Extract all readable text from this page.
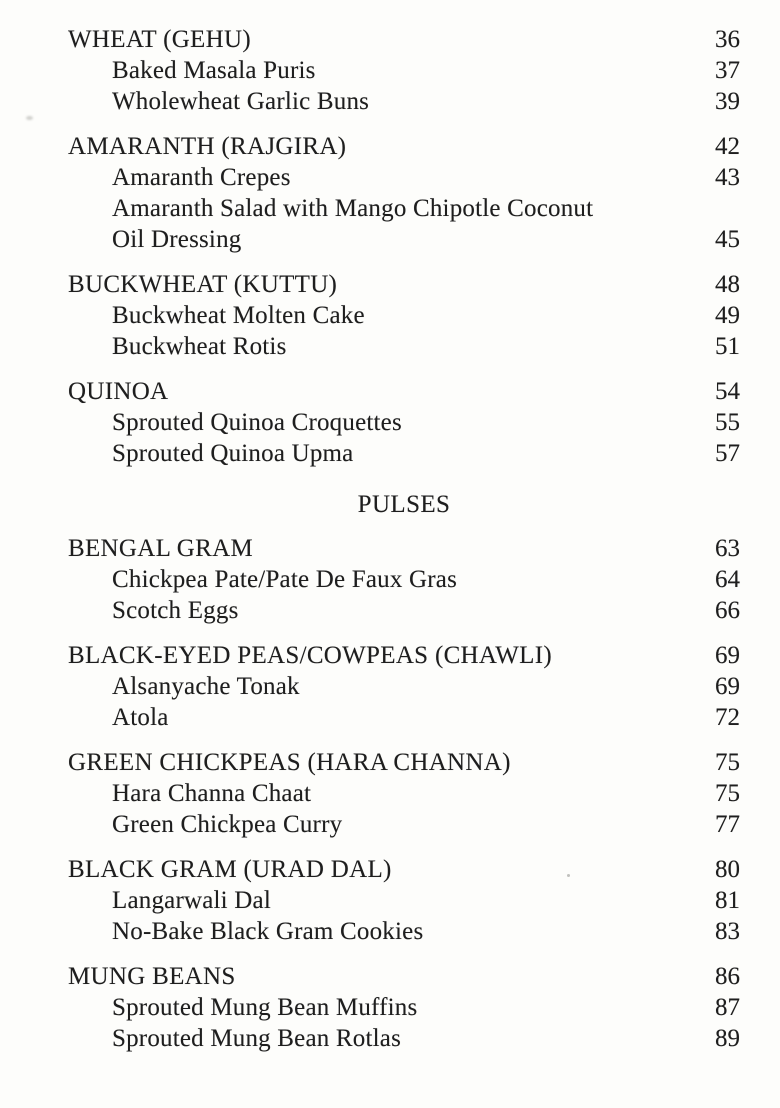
WHEAT (GEHU)	36
Baked Masala Puris	37
Wholewheat Garlic Buns	39
AMARANTH (RAJGIRA)	42
Amaranth Crepes	43
Amaranth Salad with Mango Chipotle Coconut
Oil Dressing	45
BUCKWHEAT (KUTTU)	48
Buckwheat Molten Cake	49
Buckwheat Rotis	51
QUINOA	54
Sprouted Quinoa Croquettes	55
Sprouted Quinoa Upma	57
PULSES
BENGAL GRAM	63
Chickpea Pate/Pate De Faux Gras	64
Scotch Eggs	66
BLACK-EYED PEAS/COWPEAS (CHAWLI)	69
Alsanyache Tonak	69
Atola	72
GREEN CHICKPEAS (HARA CHANNA)	75
Hara Channa Chaat	75
Green Chickpea Curry	77
BLACK GRAM (URAD DAL)	80
Langarwali Dal	81
No-Bake Black Gram Cookies	83
MUNG BEANS	86
Sprouted Mung Bean Muffins	87
Sprouted Mung Bean Rotlas	89
